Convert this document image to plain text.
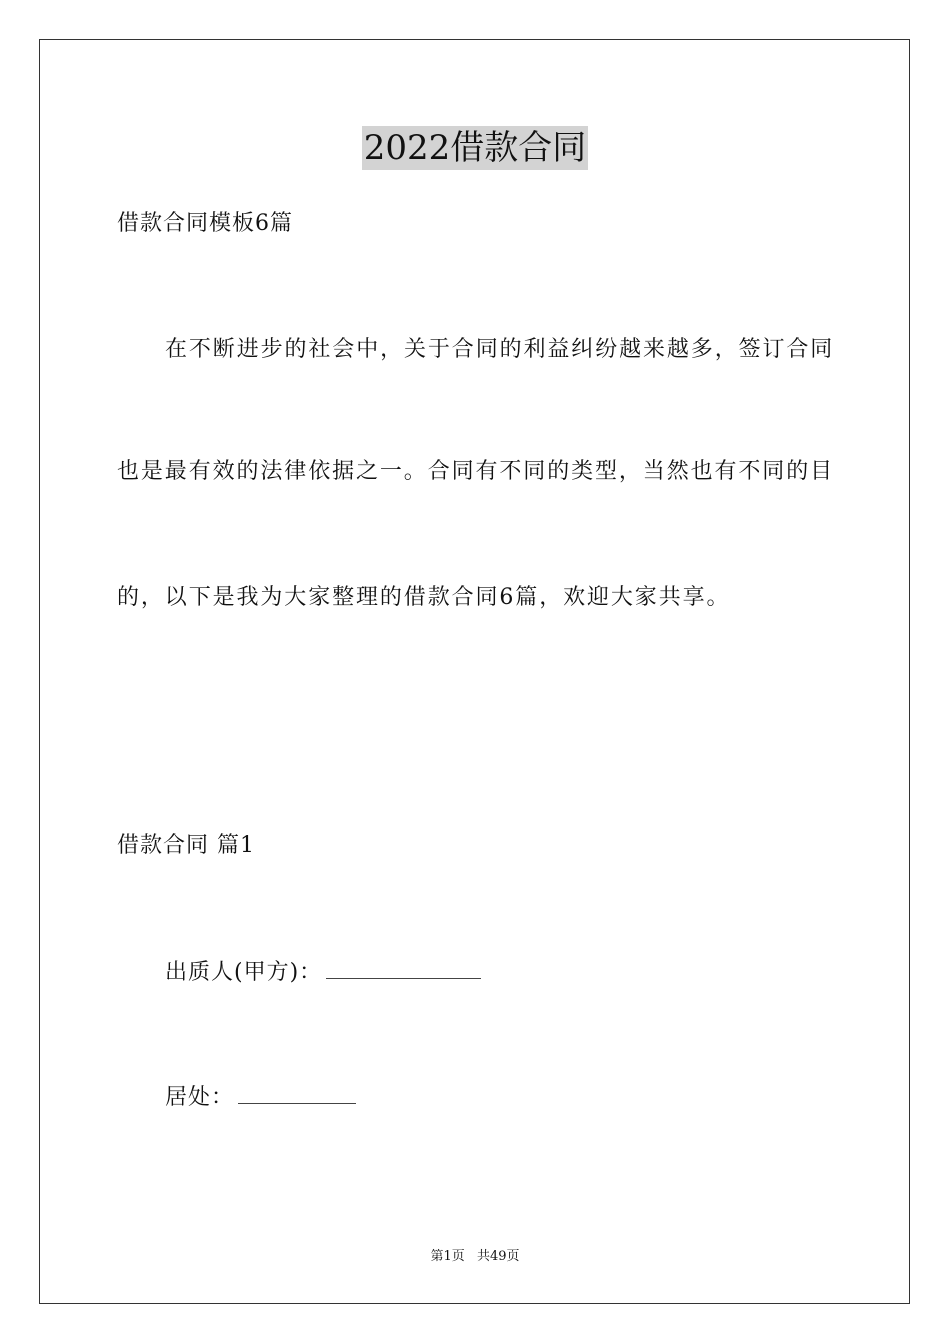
2022借款合同
借款合同模板6篇
在不断进步的社会中，关于合同的利益纠纷越来越多，签订合同
也是最有效的法律依据之一。合同有不同的类型，当然也有不同的目
的，以下是我为大家整理的借款合同6篇，欢迎大家共享。
借款合同 篇1
出质人(甲方)：
居处：
第1页 共49页
